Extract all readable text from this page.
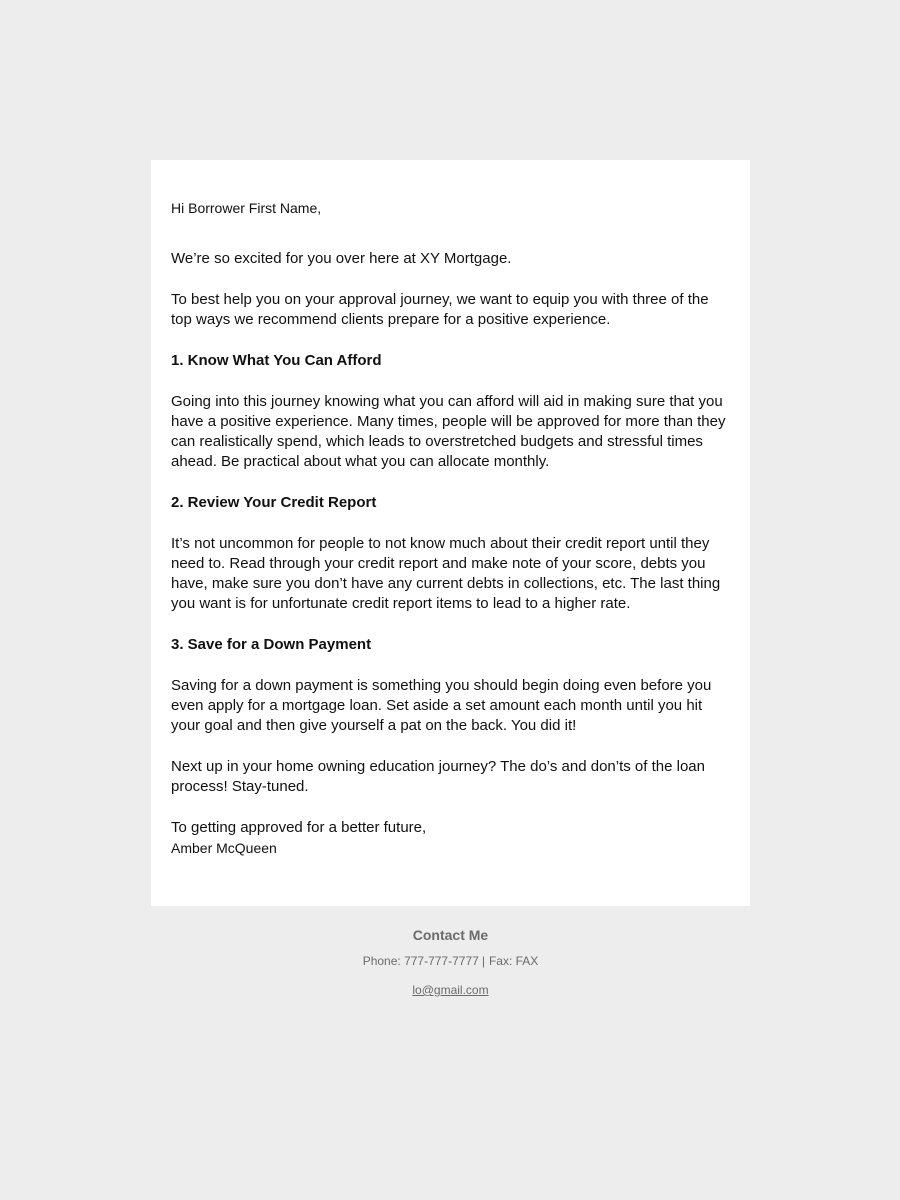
Hi Borrower First Name,

We’re so excited for you over here at XY Mortgage.

To best help you on your approval journey, we want to equip you with three of the top ways we recommend clients prepare for a positive experience.

1. Know What You Can Afford

Going into this journey knowing what you can afford will aid in making sure that you have a positive experience. Many times, people will be approved for more than they can realistically spend, which leads to overstretched budgets and stressful times ahead. Be practical about what you can allocate monthly.

2. Review Your Credit Report

It’s not uncommon for people to not know much about their credit report until they need to. Read through your credit report and make note of your score, debts you have, make sure you don’t have any current debts in collections, etc. The last thing you want is for unfortunate credit report items to lead to a higher rate.

3. Save for a Down Payment

Saving for a down payment is something you should begin doing even before you even apply for a mortgage loan. Set aside a set amount each month until you hit your goal and then give yourself a pat on the back. You did it!

Next up in your home owning education journey? The do’s and don’ts of the loan process! Stay-tuned.

To getting approved for a better future,

Amber McQueen

Contact Me
Phone: 777-777-7777 | Fax: FAX
lo@gmail.com
